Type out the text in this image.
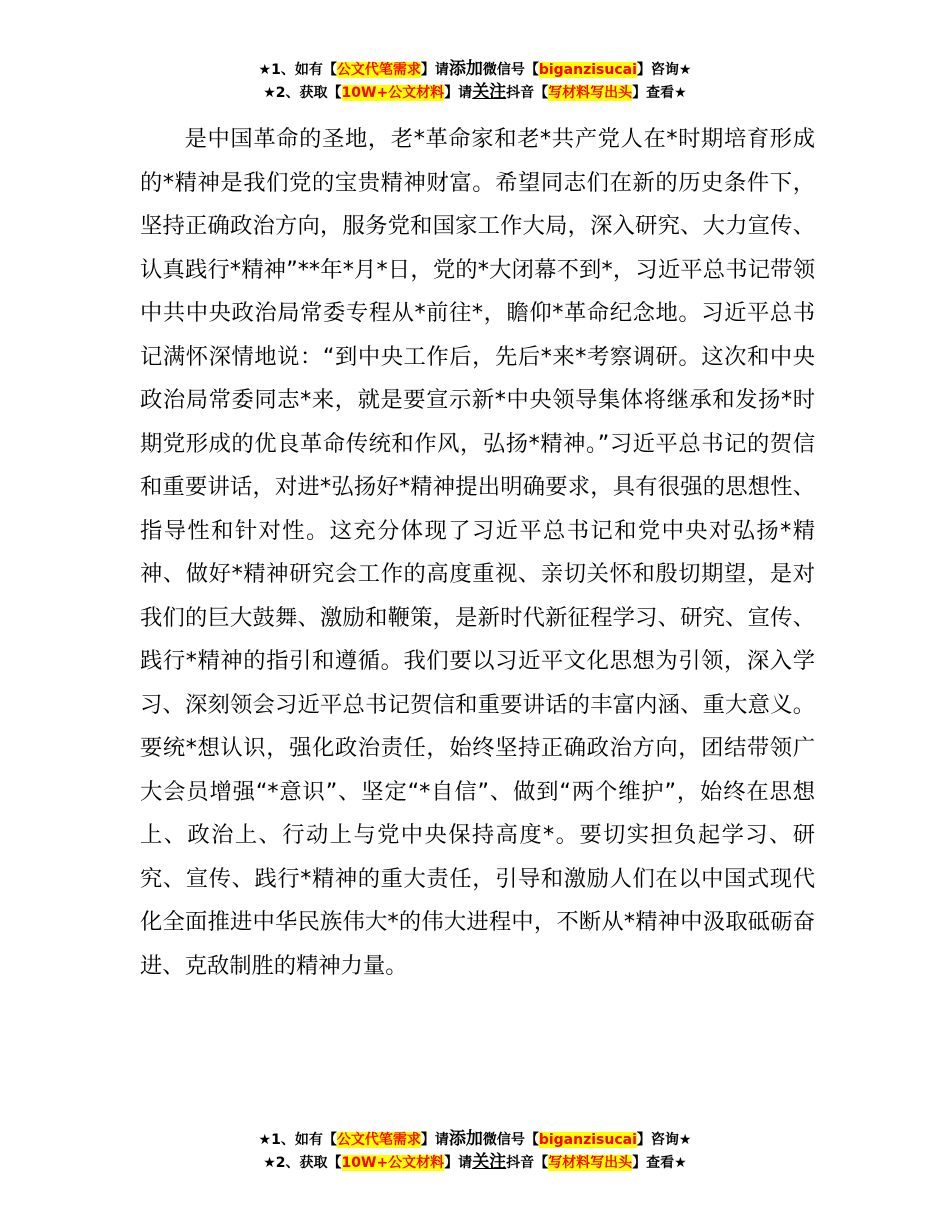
★1、如有【公文代笔需求】请添加微信号【biganzisucai】咨询★
★2、获取【10W+公文材料】请关注抖音【写材料写出头】查看★

是中国革命的圣地，老*革命家和老*共产党人在*时期培育形成的*精神是我们党的宝贵精神财富。希望同志们在新的历史条件下，坚持正确政治方向，服务党和国家工作大局，深入研究、大力宣传、认真践行*精神”**年*月*日，党的*大闭幕不到*，习近平总书记带领中共中央政治局常委专程从*前往*，瞻仰*革命纪念地。习近平总书记满怀深情地说：“到中央工作后，先后*来*考察调研。这次和中央政治局常委同志*来，就是要宣示新*中央领导集体将继承和发扬*时期党形成的优良革命传统和作风，弘扬*精神。”习近平总书记的贺信和重要讲话，对进*弘扬好*精神提出明确要求，具有很强的思想性、指导性和针对性。这充分体现了习近平总书记和党中央对弘扬*精神、做好*精神研究会工作的高度重视、亲切关怀和殷切期望，是对我们的巨大鼓舞、激励和鞭策，是新时代新征程学习、研究、宣传、践行*精神的指引和遵循。我们要以习近平文化思想为引领，深入学习、深刻领会习近平总书记贺信和重要讲话的丰富内涵、重大意义。要统*想认识，强化政治责任，始终坚持正确政治方向，团结带领广大会员增强“*意识”、坚定“*自信”、做到“两个维护”，始终在思想上、政治上、行动上与党中央保持高度*。要切实担负起学习、研究、宣传、践行*精神的重大责任，引导和激励人们在以中国式现代化全面推进中华民族伟大*的伟大进程中，不断从*精神中汲取砥砺奋进、克敌制胜的精神力量。

★1、如有【公文代笔需求】请添加微信号【biganzisucai】咨询★
★2、获取【10W+公文材料】请关注抖音【写材料写出头】查看★
